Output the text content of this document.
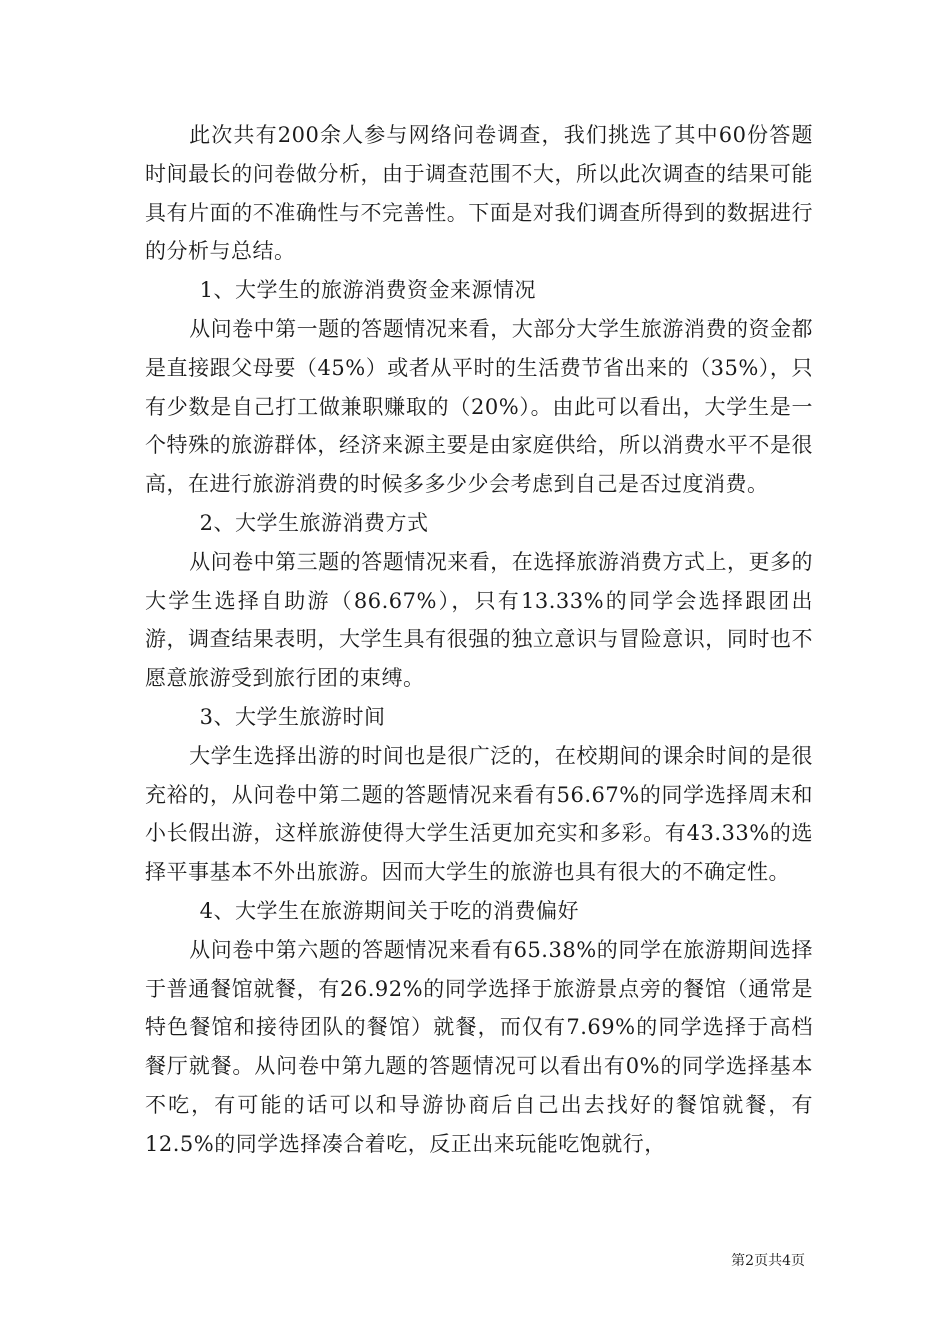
此次共有200余人参与网络问卷调查，我们挑选了其中60份答题时间最长的问卷做分析，由于调查范围不大，所以此次调查的结果可能具有片面的不准确性与不完善性。下面是对我们调查所得到的数据进行的分析与总结。

1、大学生的旅游消费资金来源情况

从问卷中第一题的答题情况来看，大部分大学生旅游消费的资金都是直接跟父母要（45%）或者从平时的生活费节省出来的（35%），只有少数是自己打工做兼职赚取的（20%）。由此可以看出，大学生是一个特殊的旅游群体，经济来源主要是由家庭供给，所以消费水平不是很高，在进行旅游消费的时候多多少少会考虑到自己是否过度消费。

2、大学生旅游消费方式

从问卷中第三题的答题情况来看，在选择旅游消费方式上，更多的大学生选择自助游（86.67%），只有13.33%的同学会选择跟团出游，调查结果表明，大学生具有很强的独立意识与冒险意识，同时也不愿意旅游受到旅行团的束缚。

3、大学生旅游时间

大学生选择出游的时间也是很广泛的，在校期间的课余时间的是很充裕的，从问卷中第二题的答题情况来看有56.67%的同学选择周末和小长假出游，这样旅游使得大学生活更加充实和多彩。有43.33%的选择平事基本不外出旅游。因而大学生的旅游也具有很大的不确定性。

4、大学生在旅游期间关于吃的消费偏好

从问卷中第六题的答题情况来看有65.38%的同学在旅游期间选择于普通餐馆就餐，有26.92%的同学选择于旅游景点旁的餐馆（通常是特色餐馆和接待团队的餐馆）就餐，而仅有7.69%的同学选择于高档餐厅就餐。从问卷中第九题的答题情况可以看出有0%的同学选择基本不吃，有可能的话可以和导游协商后自己出去找好的餐馆就餐，有12.5%的同学选择凑合着吃，反正出来玩能吃饱就行，

第2页共4页
